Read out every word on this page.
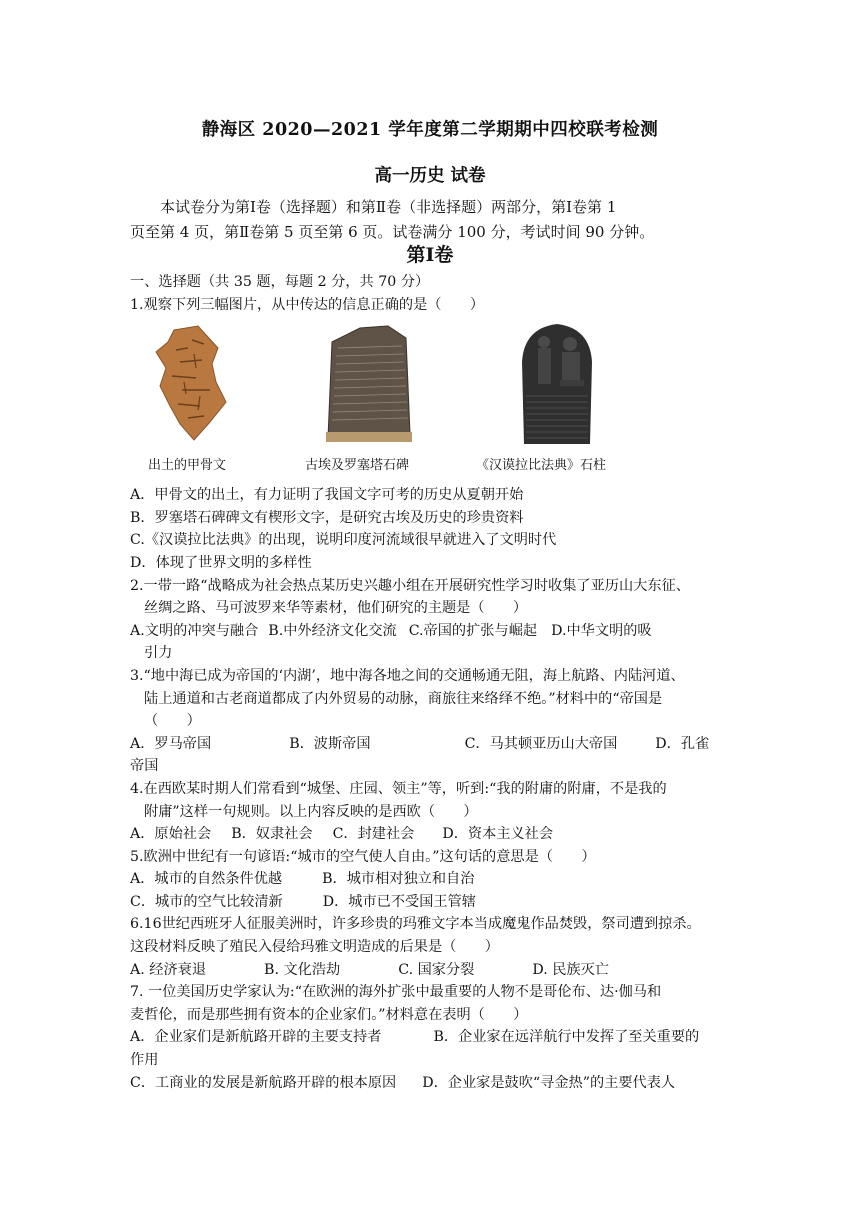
静海区 2020—2021 学年度第二学期期中四校联考检测
高一历史 试卷
本试卷分为第Ⅰ卷（选择题）和第Ⅱ卷（非选择题）两部分，第Ⅰ卷第 1
页至第 4 页，第Ⅱ卷第 5 页至第 6 页。试卷满分 100 分，考试时间 90 分钟。
第Ⅰ卷

一、选择题（共 35 题，每题 2 分，共 70 分）

1.观察下列三幅图片，从中传达的信息正确的是（　　）

出土的甲骨文	古埃及罗塞塔石碑	《汉谟拉比法典》石柱

A．甲骨文的出土，有力证明了我国文字可考的历史从夏朝开始

B．罗塞塔石碑碑文有楔形文字，是研究古埃及历史的珍贵资料

C.《汉谟拉比法典》的出现，说明印度河流域很早就进入了文明时代

D．体现了世界文明的多样性

2.一带一路“战略成为社会热点某历史兴趣小组在开展研究性学习时收集了亚历山大东征、

丝绸之路、马可波罗来华等素材，他们研究的主题是（　　）

A.文明的冲突与融合 B.中外经济文化交流 C.帝国的扩张与崛起 D.中华文明的吸

引力

3.“地中海已成为帝国的‘内湖’，地中海各地之间的交通畅通无阻，海上航路、内陆河道、

陆上通道和古老商道都成了内外贸易的动脉，商旅往来络绎不绝。”材料中的“帝国是

（　　）

A．罗马帝国	B．波斯帝国	C．马其顿亚历山大帝国	D．孔雀

帝国

4.在西欧某时期人们常看到“城堡、庄园、领主”等，听到:“我的附庸的附庸，不是我的

附庸”这样一句规则。以上内容反映的是西欧（　　）

A．原始社会 B．奴隶社会 C．封建社会 D．资本主义社会

5.欧洲中世纪有一句谚语:“城市的空气使人自由。”这句话的意思是（　　）

A．城市的自然条件优越	B．城市相对独立和自治

C．城市的空气比较清新	D．城市已不受国王管辖

6.16世纪西班牙人征服美洲时，许多珍贵的玛雅文字本当成魔鬼作品焚毁，祭司遭到掠杀。

这段材料反映了殖民入侵给玛雅文明造成的后果是（　　）

A. 经济衰退	B. 文化浩劫	C. 国家分裂	D. 民族灭亡

7. 一位美国历史学家认为:“在欧洲的海外扩张中最重要的人物不是哥伦布、达·伽马和

麦哲伦，而是那些拥有资本的企业家们。”材料意在表明（　　）

A．企业家们是新航路开辟的主要支持者	B．企业家在远洋航行中发挥了至关重要的

作用

C．工商业的发展是新航路开辟的根本原因 D．企业家是鼓吹“寻金热”的主要代表人
